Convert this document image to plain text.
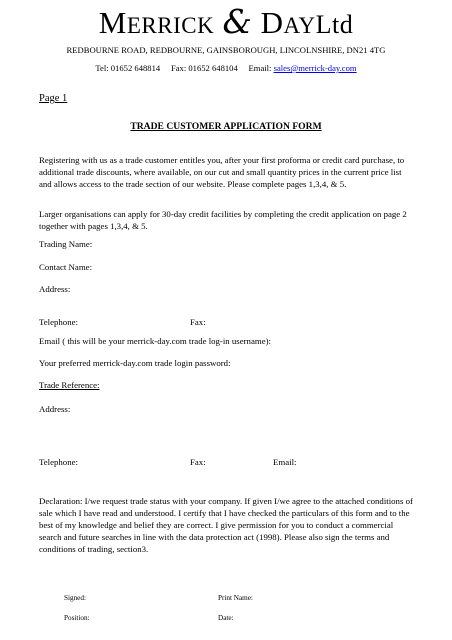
MERRICK & DAYLtd

REDBOURNE ROAD, REDBOURNE, GAINSBOROUGH, LINCOLNSHIRE, DN21 4TG

Tel: 01652 648814 Fax: 01652 648104 Email: sales@merrick-day.com

Page 1

TRADE CUSTOMER APPLICATION FORM

Registering with us as a trade customer entitles you, after your first proforma or credit card purchase, to additional trade discounts, where available, on our cut and small quantity prices in the current price list and allows access to the trade section of our website. Please complete pages 1,3,4, & 5.

Larger organisations can apply for 30-day credit facilities by completing the credit application on page 2 together with pages 1,3,4, & 5.

Trading Name:

Contact Name:

Address:

Telephone:	Fax:

Email ( this will be your merrick-day.com trade log-in username):

Your preferred merrick-day.com trade login password:

Trade Reference:

Address:

Telephone:	Fax:	Email:

Declaration: I/we request trade status with your company. If given I/we agree to the attached conditions of sale which I have read and understood. I certify that I have checked the particulars of this form and to the best of my knowledge and belief they are correct. I give permission for you to conduct a commercial search and future searches in line with the data protection act (1998). Please also sign the terms and conditions of trading, section3.

Signed:	Print Name:

Position:	Date:
